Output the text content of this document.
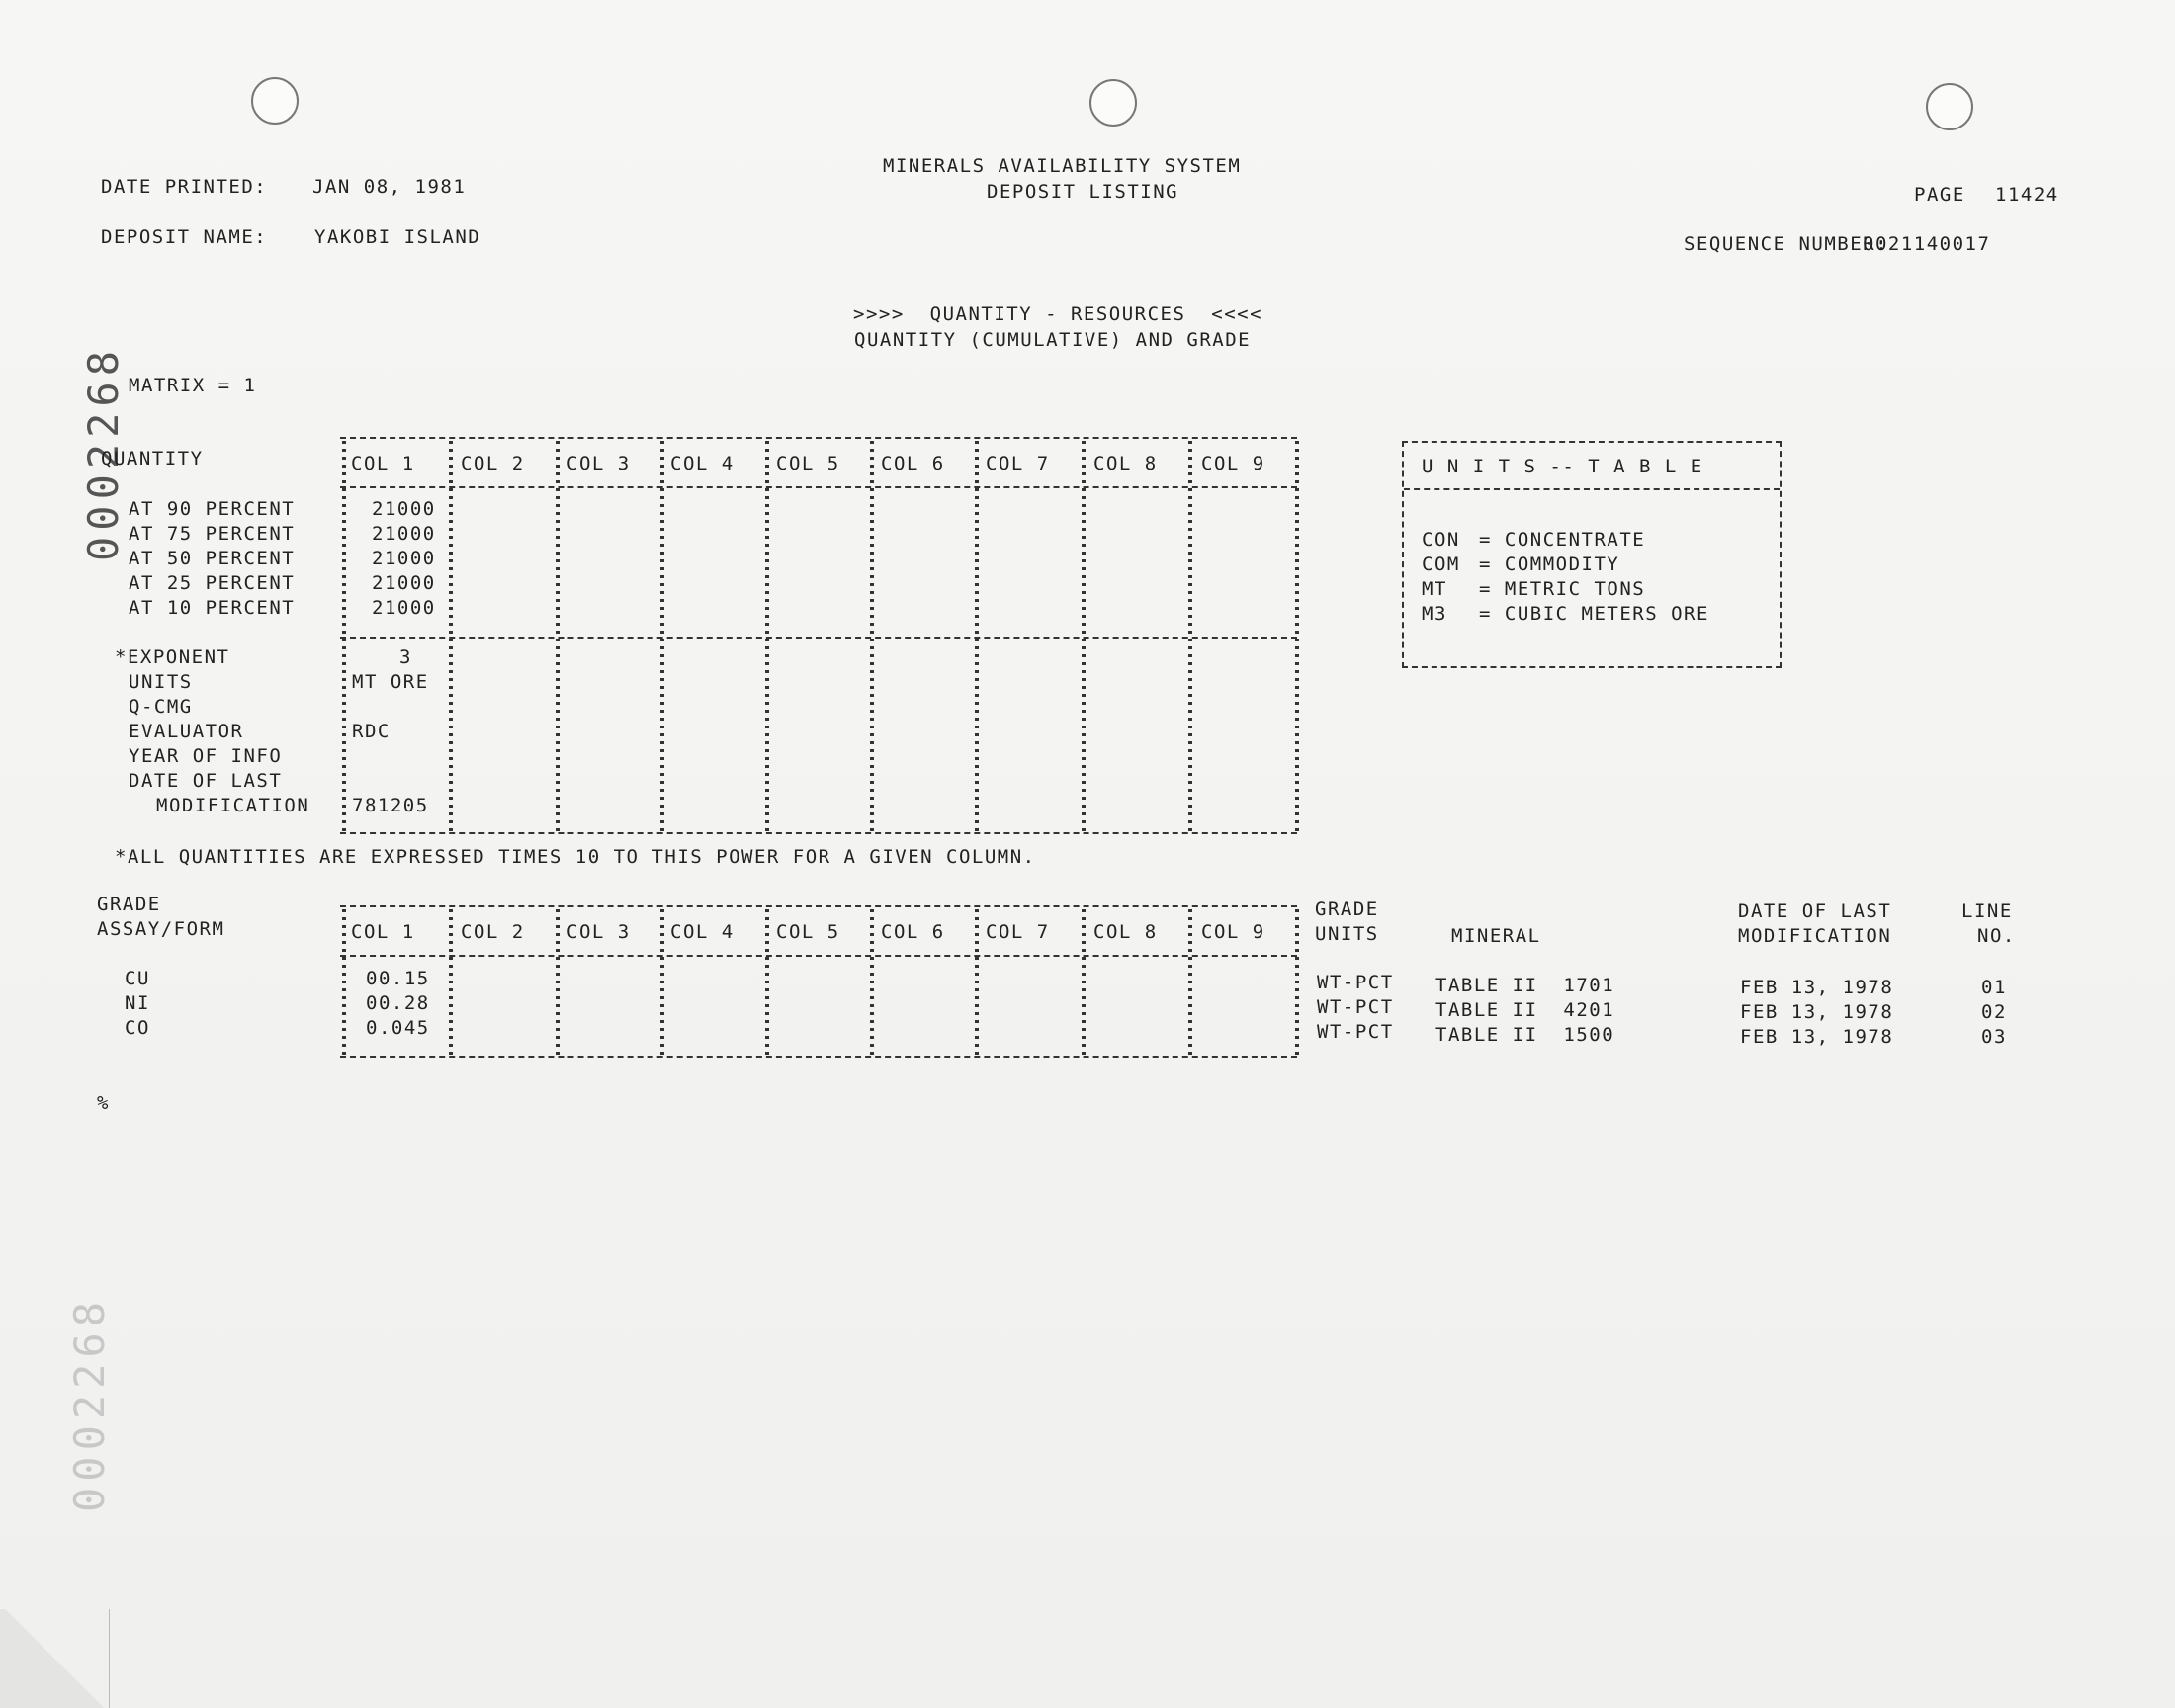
MINERALS AVAILABILITY SYSTEM
DEPOSIT LISTING
DATE PRINTED: JAN 08, 1981
DEPOSIT NAME:	YAKOBI ISLAND
PAGE 11424
SEQUENCE NUMBER:
0021140017
>>>>  QUANTITY - RESOURCES  <<<<
QUANTITY (CUMULATIVE) AND GRADE
MATRIX = 1
0002268
QUANTITY	COL 1 COL 2 COL 3 COL 4 COL 5 COL 6 COL 7 COL 8 COL 9
AT 90 PERCENT	21000
AT 75 PERCENT	21000
AT 50 PERCENT	21000
AT 25 PERCENT	21000
AT 10 PERCENT	21000
*EXPONENT	3
UNITS	MT ORE
Q-CMG
EVALUATOR	RDC
YEAR OF INFO
DATE OF LAST
MODIFICATION 781205
*ALL QUANTITIES ARE EXPRESSED TIMES 10 TO THIS POWER FOR A GIVEN COLUMN.
U N I T S -- T A B L E
CON = CONCENTRATE
COM = COMMODITY
MT = METRIC TONS
M3 = CUBIC METERS ORE
GRADE
ASSAY/FORM	COL 1 COL 2 COL 3 COL 4 COL 5 COL 6 COL 7 COL 8 COL 9
GRADE
UNITS	MINERAL
DATE OF LAST
MODIFICATION
LINE
NO.
CU	00.15	WT-PCT TABLE II  1701	FEB 13, 1978	01
NI	00.28	WT-PCT TABLE II  4201	FEB 13, 1978	02
CO	0.045	WT-PCT TABLE II  1500	FEB 13, 1978	03
%
0002268
